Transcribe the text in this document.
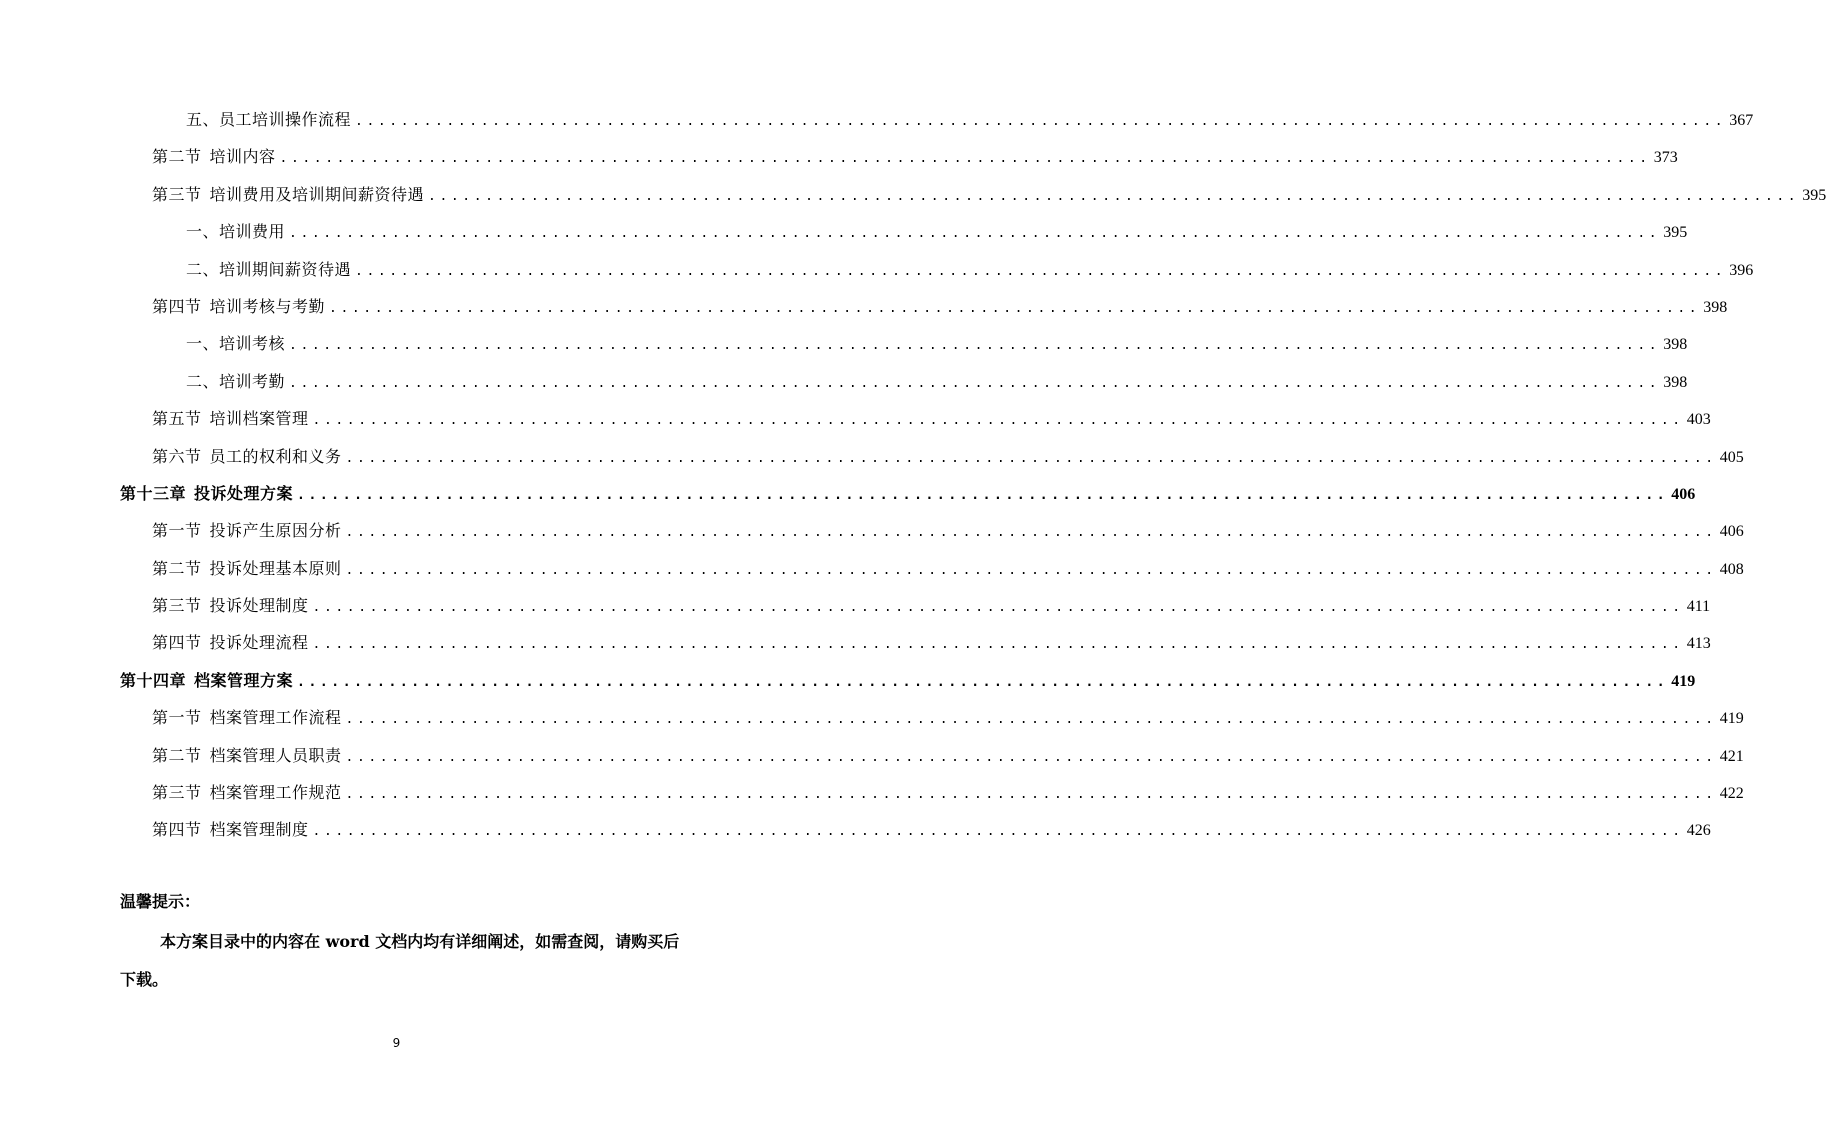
五、员工培训操作流程 ........................................................................................................................ 367
第二节 培训内容 ........................................................................................................................ 373
第三节 培训费用及培训期间薪资待遇 ........................................................................................................................ 395
一、培训费用 ........................................................................................................................ 395
二、培训期间薪资待遇 ........................................................................................................................ 396
第四节 培训考核与考勤 ........................................................................................................................ 398
一、培训考核 ........................................................................................................................ 398
二、培训考勤 ........................................................................................................................ 398
第五节 培训档案管理 ........................................................................................................................ 403
第六节 员工的权利和义务 ........................................................................................................................ 405
第十三章 投诉处理方案 ........................................................................................................................ 406
第一节 投诉产生原因分析 ........................................................................................................................ 406
第二节 投诉处理基本原则 ........................................................................................................................ 408
第三节 投诉处理制度 ........................................................................................................................ 411
第四节 投诉处理流程 ........................................................................................................................ 413
第十四章 档案管理方案 ........................................................................................................................ 419
第一节 档案管理工作流程 ........................................................................................................................ 419
第二节 档案管理人员职责 ........................................................................................................................ 421
第三节 档案管理工作规范 ........................................................................................................................ 422
第四节 档案管理制度 ........................................................................................................................ 426
温馨提示：

本方案目录中的内容在 word 文档内均有详细阐述，如需查阅，请购买后下载。

9
